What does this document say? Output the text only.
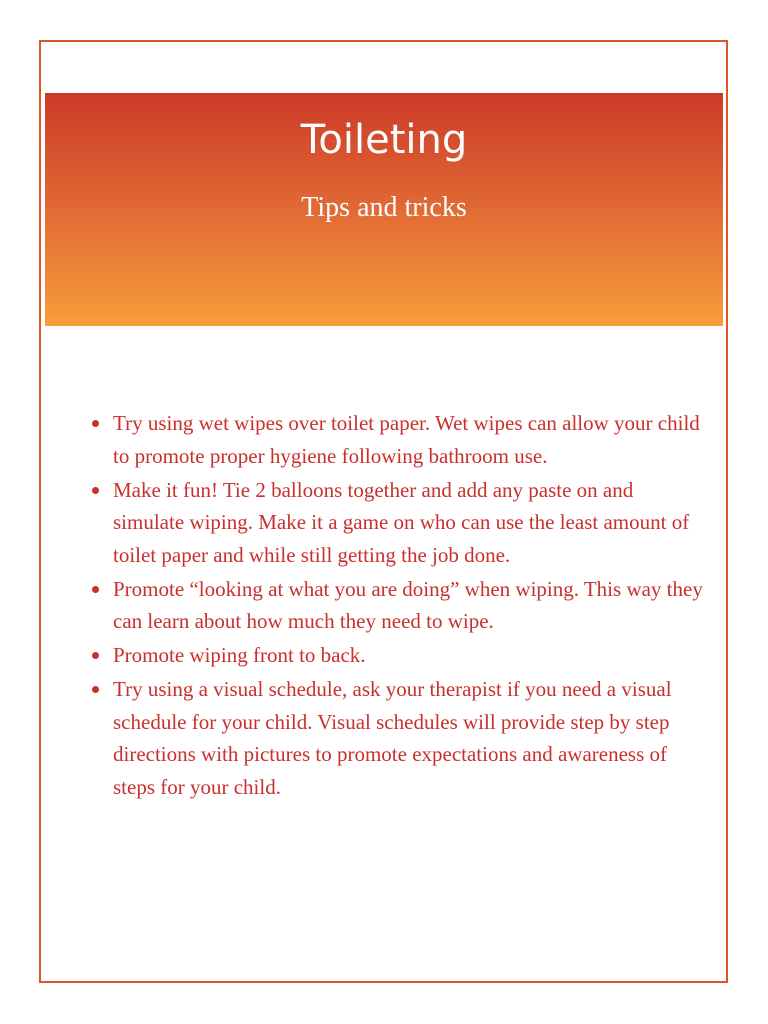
Toileting
Tips and tricks
Try using wet wipes over toilet paper. Wet wipes can allow your child to promote proper hygiene following bathroom use.
Make it fun! Tie 2 balloons together and add any paste on and simulate wiping. Make it a game on who can use the least amount of toilet paper and while still getting the job done.
Promote “looking at what you are doing” when wiping. This way they can learn about how much they need to wipe.
Promote wiping front to back.
Try using a visual schedule, ask your therapist if you need a visual schedule for your child. Visual schedules will provide step by step directions with pictures to promote expectations and awareness of steps for your child.
